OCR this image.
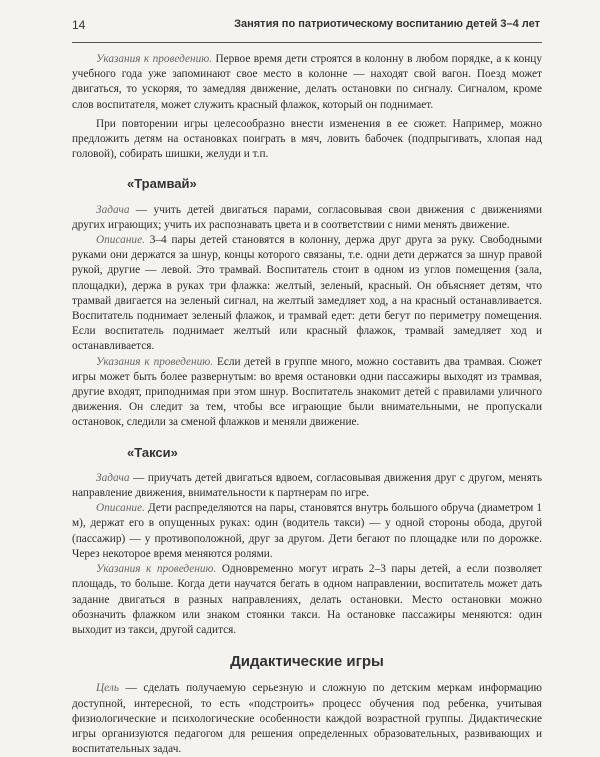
14	Занятия по патриотическому воспитанию детей 3–4 лет

Указания к проведению. Первое время дети строятся в колонну в любом порядке, а к концу учебного года уже запоминают свое место в колонне — находят свой вагон. Поезд может двигаться, то ускоряя, то замедляя движение, делать остановки по сигналу. Сигналом, кроме слов воспитателя, может служить красный флажок, который он поднимает.

При повторении игры целесообразно внести изменения в ее сюжет. Например, можно предложить детям на остановках поиграть в мяч, ловить бабочек (подпрыгивать, хлопая над головой), собирать шишки, желуди и т.п.

«Трамвай»

Задача — учить детей двигаться парами, согласовывая свои движения с движениями других играющих; учить их распознавать цвета и в соответствии с ними менять движение.

Описание. 3–4 пары детей становятся в колонну, держа друг друга за руку. Свободными руками они держатся за шнур, концы которого связаны, т.е. одни дети держатся за шнур правой рукой, другие — левой. Это трамвай. Воспитатель стоит в одном из углов помещения (зала, площадки), держа в руках три флажка: желтый, зеленый, красный. Он объясняет детям, что трамвай двигается на зеленый сигнал, на желтый замедляет ход, а на красный останавливается. Воспитатель поднимает зеленый флажок, и трамвай едет: дети бегут по периметру помещения. Если воспитатель поднимает желтый или красный флажок, трамвай замедляет ход и останавливается.

Указания к проведению. Если детей в группе много, можно составить два трамвая. Сюжет игры может быть более развернутым: во время остановки одни пассажиры выходят из трамвая, другие входят, приподнимая при этом шнур. Воспитатель знакомит детей с правилами уличного движения. Он следит за тем, чтобы все играющие были внимательными, не пропускали остановок, следили за сменой флажков и меняли движение.

«Такси»

Задача — приучать детей двигаться вдвоем, согласовывая движения друг с другом, менять направление движения, внимательности к партнерам по игре.

Описание. Дети распределяются на пары, становятся внутрь большого обруча (диаметром 1 м), держат его в опущенных руках: один (водитель такси) — у одной стороны обода, другой (пассажир) — у противоположной, друг за другом. Дети бегают по площадке или по дорожке. Через некоторое время меняются ролями.

Указания к проведению. Одновременно могут играть 2–3 пары детей, а если позволяет площадь, то больше. Когда дети научатся бегать в одном направлении, воспитатель может дать задание двигаться в разных направлениях, делать остановки. Место остановки можно обозначить флажком или знаком стоянки такси. На остановке пассажиры меняются: один выходит из такси, другой садится.

Дидактические игры

Цель — сделать получаемую серьезную и сложную по детским меркам информацию доступной, интересной, то есть «подстроить» процесс обучения под ребенка, учитывая физиологические и психологические особенности каждой возрастной группы. Дидактические игры организуются педагогом для решения определенных образовательных, развивающих и воспитательных задач.
